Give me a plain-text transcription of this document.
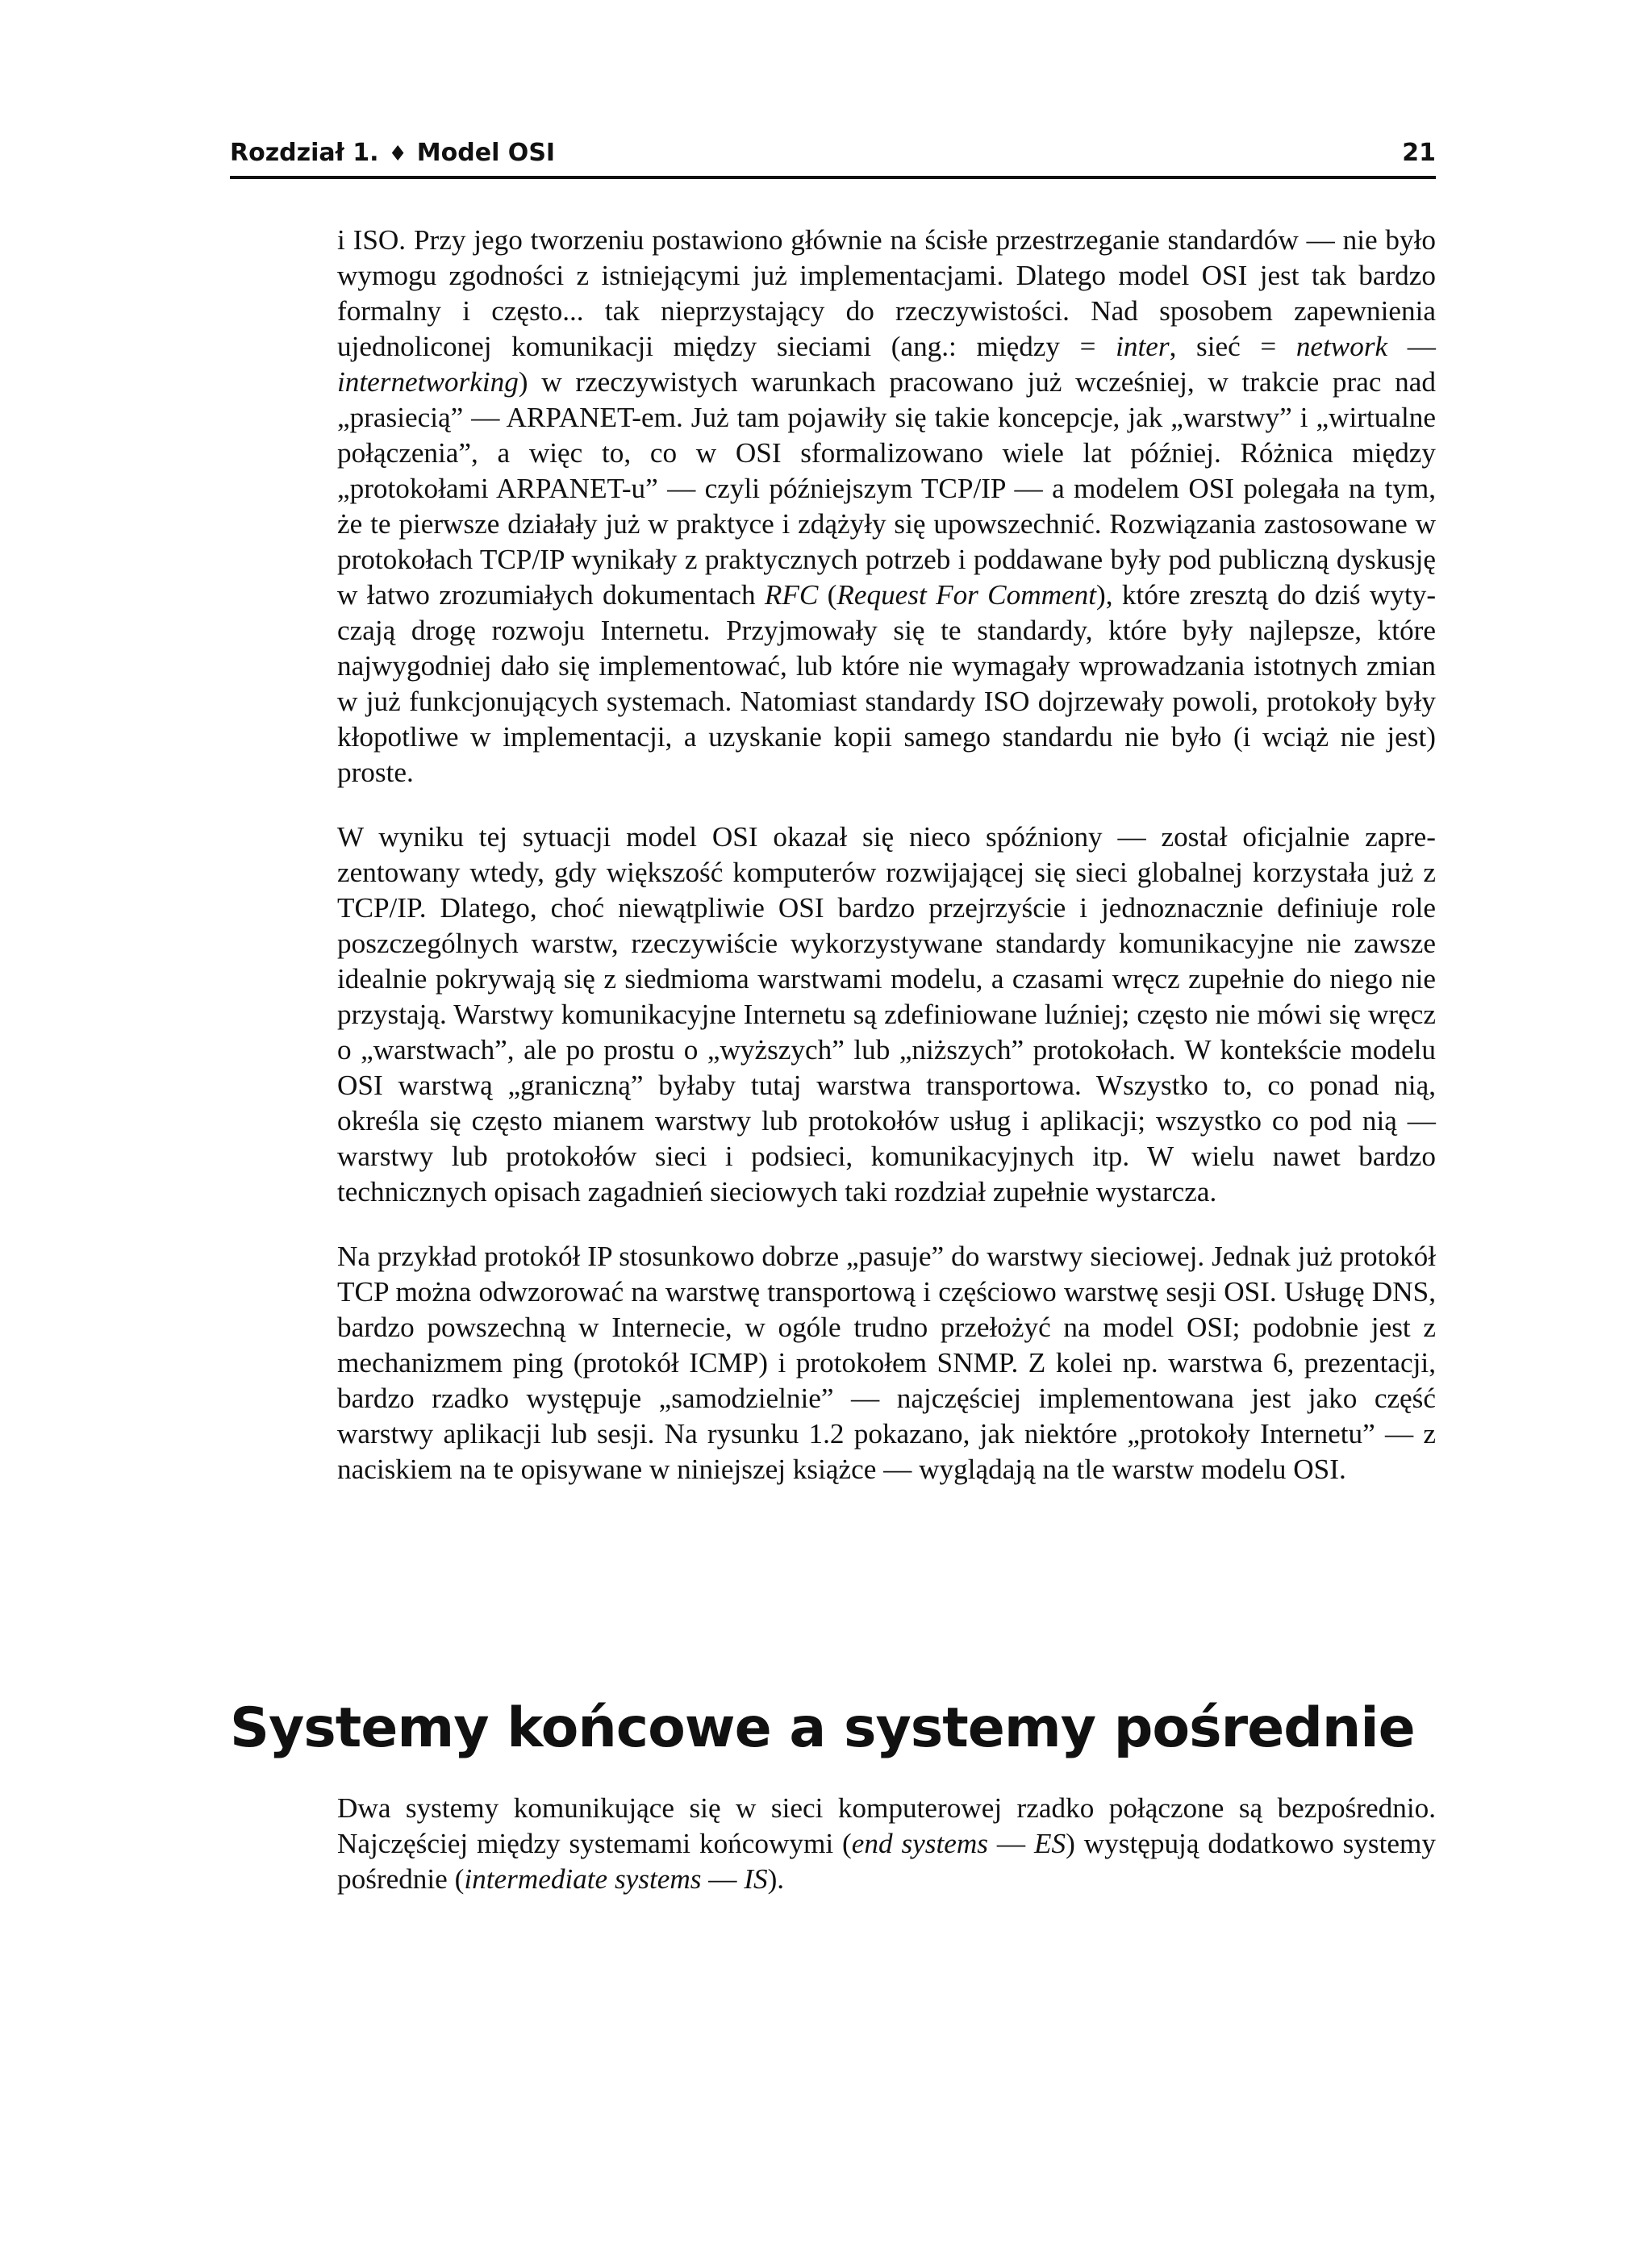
Rozdział 1. ♦ Model OSI	21

i ISO. Przy jego tworzeniu postawiono głównie na ścisłe przestrzeganie standardów — nie było wymogu zgodności z istniejącymi już implementacjami. Dlatego model OSI jest tak bardzo formalny i często... tak nieprzystający do rzeczywistości. Nad sposobem zapewnienia ujednoliconej komunikacji między sieciami (ang.: między = inter, sieć = network — internetworking) w rzeczywistych warunkach pracowano już wcześniej, w trakcie prac nad „prasiecią” — ARPANET-em. Już tam pojawiły się takie koncepcje, jak „warstwy” i „wirtualne połączenia”, a więc to, co w OSI sformalizowano wiele lat później. Różnica między „protokołami ARPANET-u” — czyli późniejszym TCP/IP — a modelem OSI polegała na tym, że te pierwsze działały już w praktyce i zdążyły się upowszechnić. Rozwiązania zastosowane w protokołach TCP/IP wynikały z praktycznych potrzeb i poddawane były pod publiczną dyskusję w łatwo zrozumiałych dokumentach RFC (Request For Comment), które zresztą do dziś wytyczają drogę rozwoju Internetu. Przyjmowały się te standardy, które były najlepsze, które najwygodniej dało się implementować, lub które nie wymagały wprowadzania istotnych zmian w już funkcjonujących systemach. Natomiast standardy ISO dojrzewały powoli, protokoły były kłopotliwe w implementacji, a uzyskanie kopii samego standardu nie było (i wciąż nie jest) proste.

W wyniku tej sytuacji model OSI okazał się nieco spóźniony — został oficjalnie zaprezentowany wtedy, gdy większość komputerów rozwijającej się sieci globalnej korzystała już z TCP/IP. Dlatego, choć niewątpliwie OSI bardzo przejrzyście i jednoznacznie definiuje role poszczególnych warstw, rzeczywiście wykorzystywane standardy komunikacyjne nie zawsze idealnie pokrywają się z siedmioma warstwami modelu, a czasami wręcz zupełnie do niego nie przystają. Warstwy komunikacyjne Internetu są zdefiniowane luźniej; często nie mówi się wręcz o „warstwach”, ale po prostu o „wyższych” lub „niższych” protokołach. W kontekście modelu OSI warstwą „graniczną” byłaby tutaj warstwa transportowa. Wszystko to, co ponad nią, określa się często mianem warstwy lub protokołów usług i aplikacji; wszystko co pod nią — warstwy lub protokołów sieci i podsieci, komunikacyjnych itp. W wielu nawet bardzo technicznych opisach zagadnień sieciowych taki rozdział zupełnie wystarcza.

Na przykład protokół IP stosunkowo dobrze „pasuje” do warstwy sieciowej. Jednak już protokół TCP można odwzorować na warstwę transportową i częściowo warstwę sesji OSI. Usługę DNS, bardzo powszechną w Internecie, w ogóle trudno przełożyć na model OSI; podobnie jest z mechanizmem ping (protokół ICMP) i protokołem SNMP. Z kolei np. warstwa 6, prezentacji, bardzo rzadko występuje „samodzielnie” — najczęściej implementowana jest jako część warstwy aplikacji lub sesji. Na rysunku 1.2 pokazano, jak niektóre „protokoły Internetu” — z naciskiem na te opisywane w niniejszej książce — wyglądają na tle warstw modelu OSI.

Systemy końcowe a systemy pośrednie

Dwa systemy komunikujące się w sieci komputerowej rzadko połączone są bezpośrednio. Najczęściej między systemami końcowymi (end systems — ES) występują dodatkowo systemy pośrednie (intermediate systems — IS).
